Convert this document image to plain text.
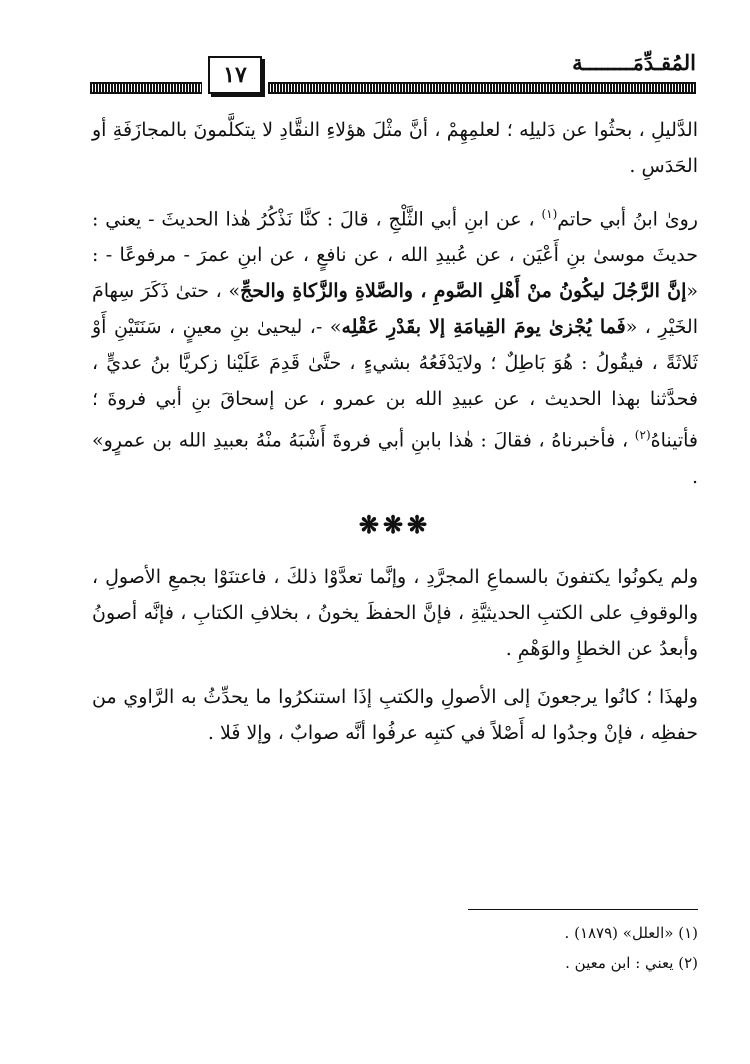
١٧	المُقـدِّمَــــــــة

الدَّليلِ ، بحثُوا عن دَليلِه ؛ لعلمِهِمْ ، أنَّ مثْلَ هؤلاءِ النقَّادِ لا يتكلَّمونَ بالمجازَفَةِ أو الحَدَسِ .

روىٰ ابنُ أبي حاتم$^{(١)}$ ، عن ابنِ أبي الثَّلْجِ ، قالَ : كنَّا نَذْكُرُ هٰذا الحديثَ - يعني : حديثَ موسىٰ بنِ أَعْيَن ، عن عُبيدِ الله ، عن نافعٍ ، عن ابنِ عمرَ - مرفوعًا - : «إنَّ الرَّجُلَ ليكُونُ منْ أَهْلِ الصَّومِ ، والصَّلاةِ والزَّكاةِ والحجِّ» ، حتىٰ ذَكَرَ سِهامَ الخَيْرِ ، «فَما يُجْزىٰ يومَ القِيامَةِ إلا بقَدْرِ عَقْلِه» -، ليحيىٰ بنِ معينٍ ، سَنَتَيْنِ أَوْ ثَلاثَةً ، فيقُولُ : هُوَ بَاطِلٌ ؛ ولايَدْفَعُهُ بشيءٍ ، حتَّىٰ قَدِمَ عَلَيْنا زكريَّا بنُ عديٍّ ، فحدَّثنا بهذا الحديث ، عن عبيدِ الله بن عمرو ، عن إسحاقَ بنِ أبي فروةَ ؛ فأتيناهُ$^{(٢)}$ ، فأخبرناهُ ، فقالَ : هٰذا بابنِ أبي فروةَ أَشْبَهُ منْهُ بعبيدِ الله بن عمرٍو» .

❋❋❋

ولم يكونُوا يكتفونَ بالسماعِ المجرَّدِ ، وإنَّما تعدَّوْا ذلكَ ، فاعتنَوْا بجمعِ الأصولِ ، والوقوفِ على الكتبِ الحديثيَّةِ ، فإنَّ الحفظَ يخونُ ، بخلافِ الكتابِ ، فإنَّه أصونُ وأبعدُ عن الخطإِ والوَهْمِ .

ولهذَا ؛ كانُوا يرجعونَ إلى الأصولِ والكتبِ إذَا استنكرُوا ما يحدِّثُ به الرَّاوي من حفظِه ، فإنْ وجدُوا له أَصْلاً في كتبِه عرفُوا أنَّه صوابٌ ، وإلا فَلا .

(١) «العلل» (١٨٧٩) .
(٢) يعني : ابن معين .
